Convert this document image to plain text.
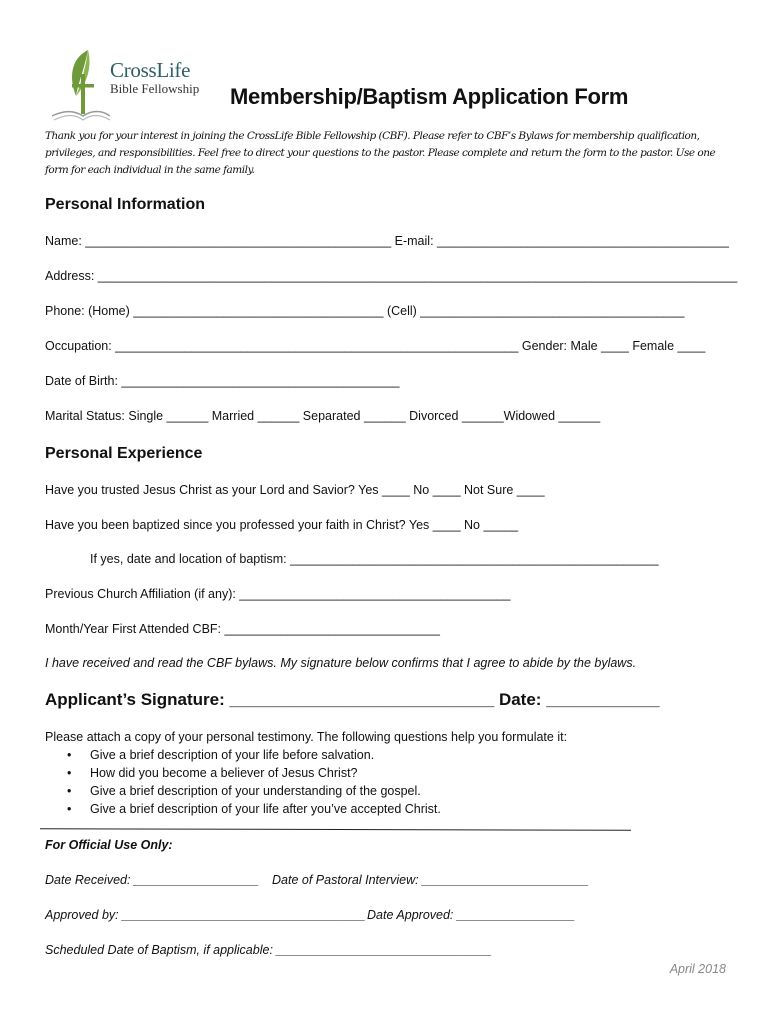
CrossLife
Bible Fellowship Membership/Baptism Application Form
Thank you for your interest in joining the CrossLife Bible Fellowship (CBF). Please refer to CBF’s Bylaws for membership qualification, privileges, and responsibilities. Feel free to direct your questions to the pastor. Please complete and return the form to the pastor. Use one form for each individual in the same family.
Personal Information
Name: ____________________________________________ E-mail: __________________________________________
Address: ____________________________________________________________________________________________
Phone: (Home) ____________________________________ (Cell) ______________________________________
Occupation: __________________________________________________________ Gender: Male ____ Female ____
Date of Birth: ________________________________________
Marital Status: Single ______ Married ______ Separated ______ Divorced ______Widowed ______
Personal Experience
Have you trusted Jesus Christ as your Lord and Savior? Yes ____ No ____ Not Sure ____
Have you been baptized since you professed your faith in Christ? Yes ____ No _____
If yes, date and location of baptism: _____________________________________________________
Previous Church Affiliation (if any): _______________________________________
Month/Year First Attended CBF: _______________________________
I have received and read the CBF bylaws. My signature below confirms that I agree to abide by the bylaws.
Applicant’s Signature: ____________________________ Date: ____________
Please attach a copy of your personal testimony. The following questions help you formulate it:
• Give a brief description of your life before salvation.
• How did you become a believer of Jesus Christ?
• Give a brief description of your understanding of the gospel.
• Give a brief description of your life after you’ve accepted Christ.
For Official Use Only:
Date Received: __________________ Date of Pastoral Interview: ________________________
Approved by: ___________________________________ Date Approved: _________________
Scheduled Date of Baptism, if applicable: _______________________________
April 2018
